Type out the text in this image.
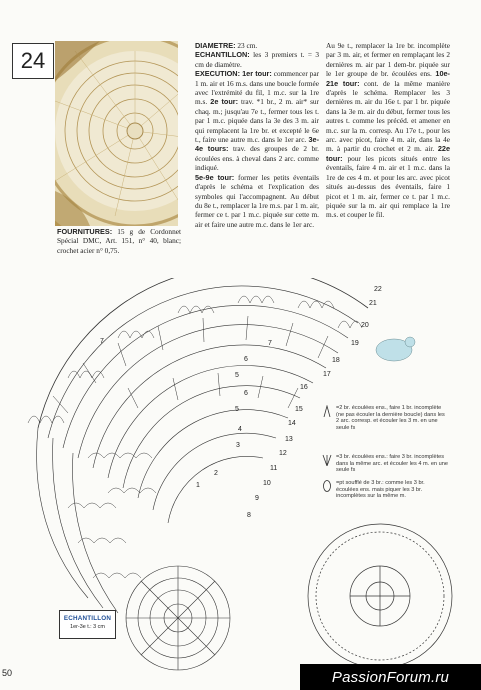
24
FOURNITURES: 15 g de Cordonnet Spécial DMC, Art. 151, n° 40, blanc; crochet acier n° 0,75.
DIAMETRE: 23 cm.
ECHANTILLON: les 3 premiers t. = 3 cm de diamètre.
EXECUTION: 1er tour: commencer par 1 m. air et 16 m.s. dans une boucle formée avec l'extrémité du fil, 1 m.c. sur la 1re m.s. 2e tour: trav. *1 br., 2 m. air* sur chaq. m.; jusqu'au 7e t., fermer tous les t. par 1 m.c. piquée dans la 3e des 3 m. air qui remplacent la 1re br. et excepté le 6e t., faire une autre m.c. dans le 1er arc. 3e-4e tours: trav. des groupes de 2 br. écoulées ens. à cheval dans 2 arc. comme indiqué.
5e-9e tour: former les petits éventails d'après le schéma et l'explication des symboles qui l'accompagnent. Au début du 8e t., remplacer la 1re m.s. par 1 m. air, fermer ce t. par 1 m.c. piquée sur cette m. air et faire une autre m.c. dans le 1er arc.
Au 9e t., remplacer la 1re br. incomplète par 3 m. air, et fermer en remplaçant les 2 dernières m. air par 1 dem-br. piquée sur le 1er groupe de br. écoulées ens. 10e-21e tour: cont. de la même manière d'après le schéma. Remplacer les 3 dernières m. air du 16e t. par 1 br. piquée dans la 3e m. air du début, fermer tous les autres t. comme les précéd. et amener en m.c. sur la m. corresp. Au 17e t., pour les arc. avec picot, faire 4 m. air, dans la 4e m. à partir du crochet et 2 m. air. 22e tour: pour les picots situés entre les éventails, faire 4 m. air et 1 m.c. dans la 1re de ces 4 m. et pour les arc. avec picot situés au-dessus des éventails, faire 1 picot et 1 m. air, fermer ce t. par 1 m.c. piquée sur la m. air qui remplace la 1re m.s. et couper le fil.
22
21
20
19
18
17
16
15
14
13
12
11
10
9
8
7	7
6
6
5
5
4
3
2
1
=2 br. écoulées ens., faire 1 br. incomplète (ne pas écouler la dernière boucle) dans les 2 arc. corresp. et écouler les 3 m. en une seule fs
=3 br. écoulées ens.: faire 3 br. incomplètes dans la même arc. et écouler les 4 m. en une seule fs
=pt soufflé de 3 br.: comme les 3 br. écoulées ens. mais piquer les 3 br. incomplètes sur la même m.
ECHANTILLON
1er-3e t.: 3 cm
50	PassionForum.ru
